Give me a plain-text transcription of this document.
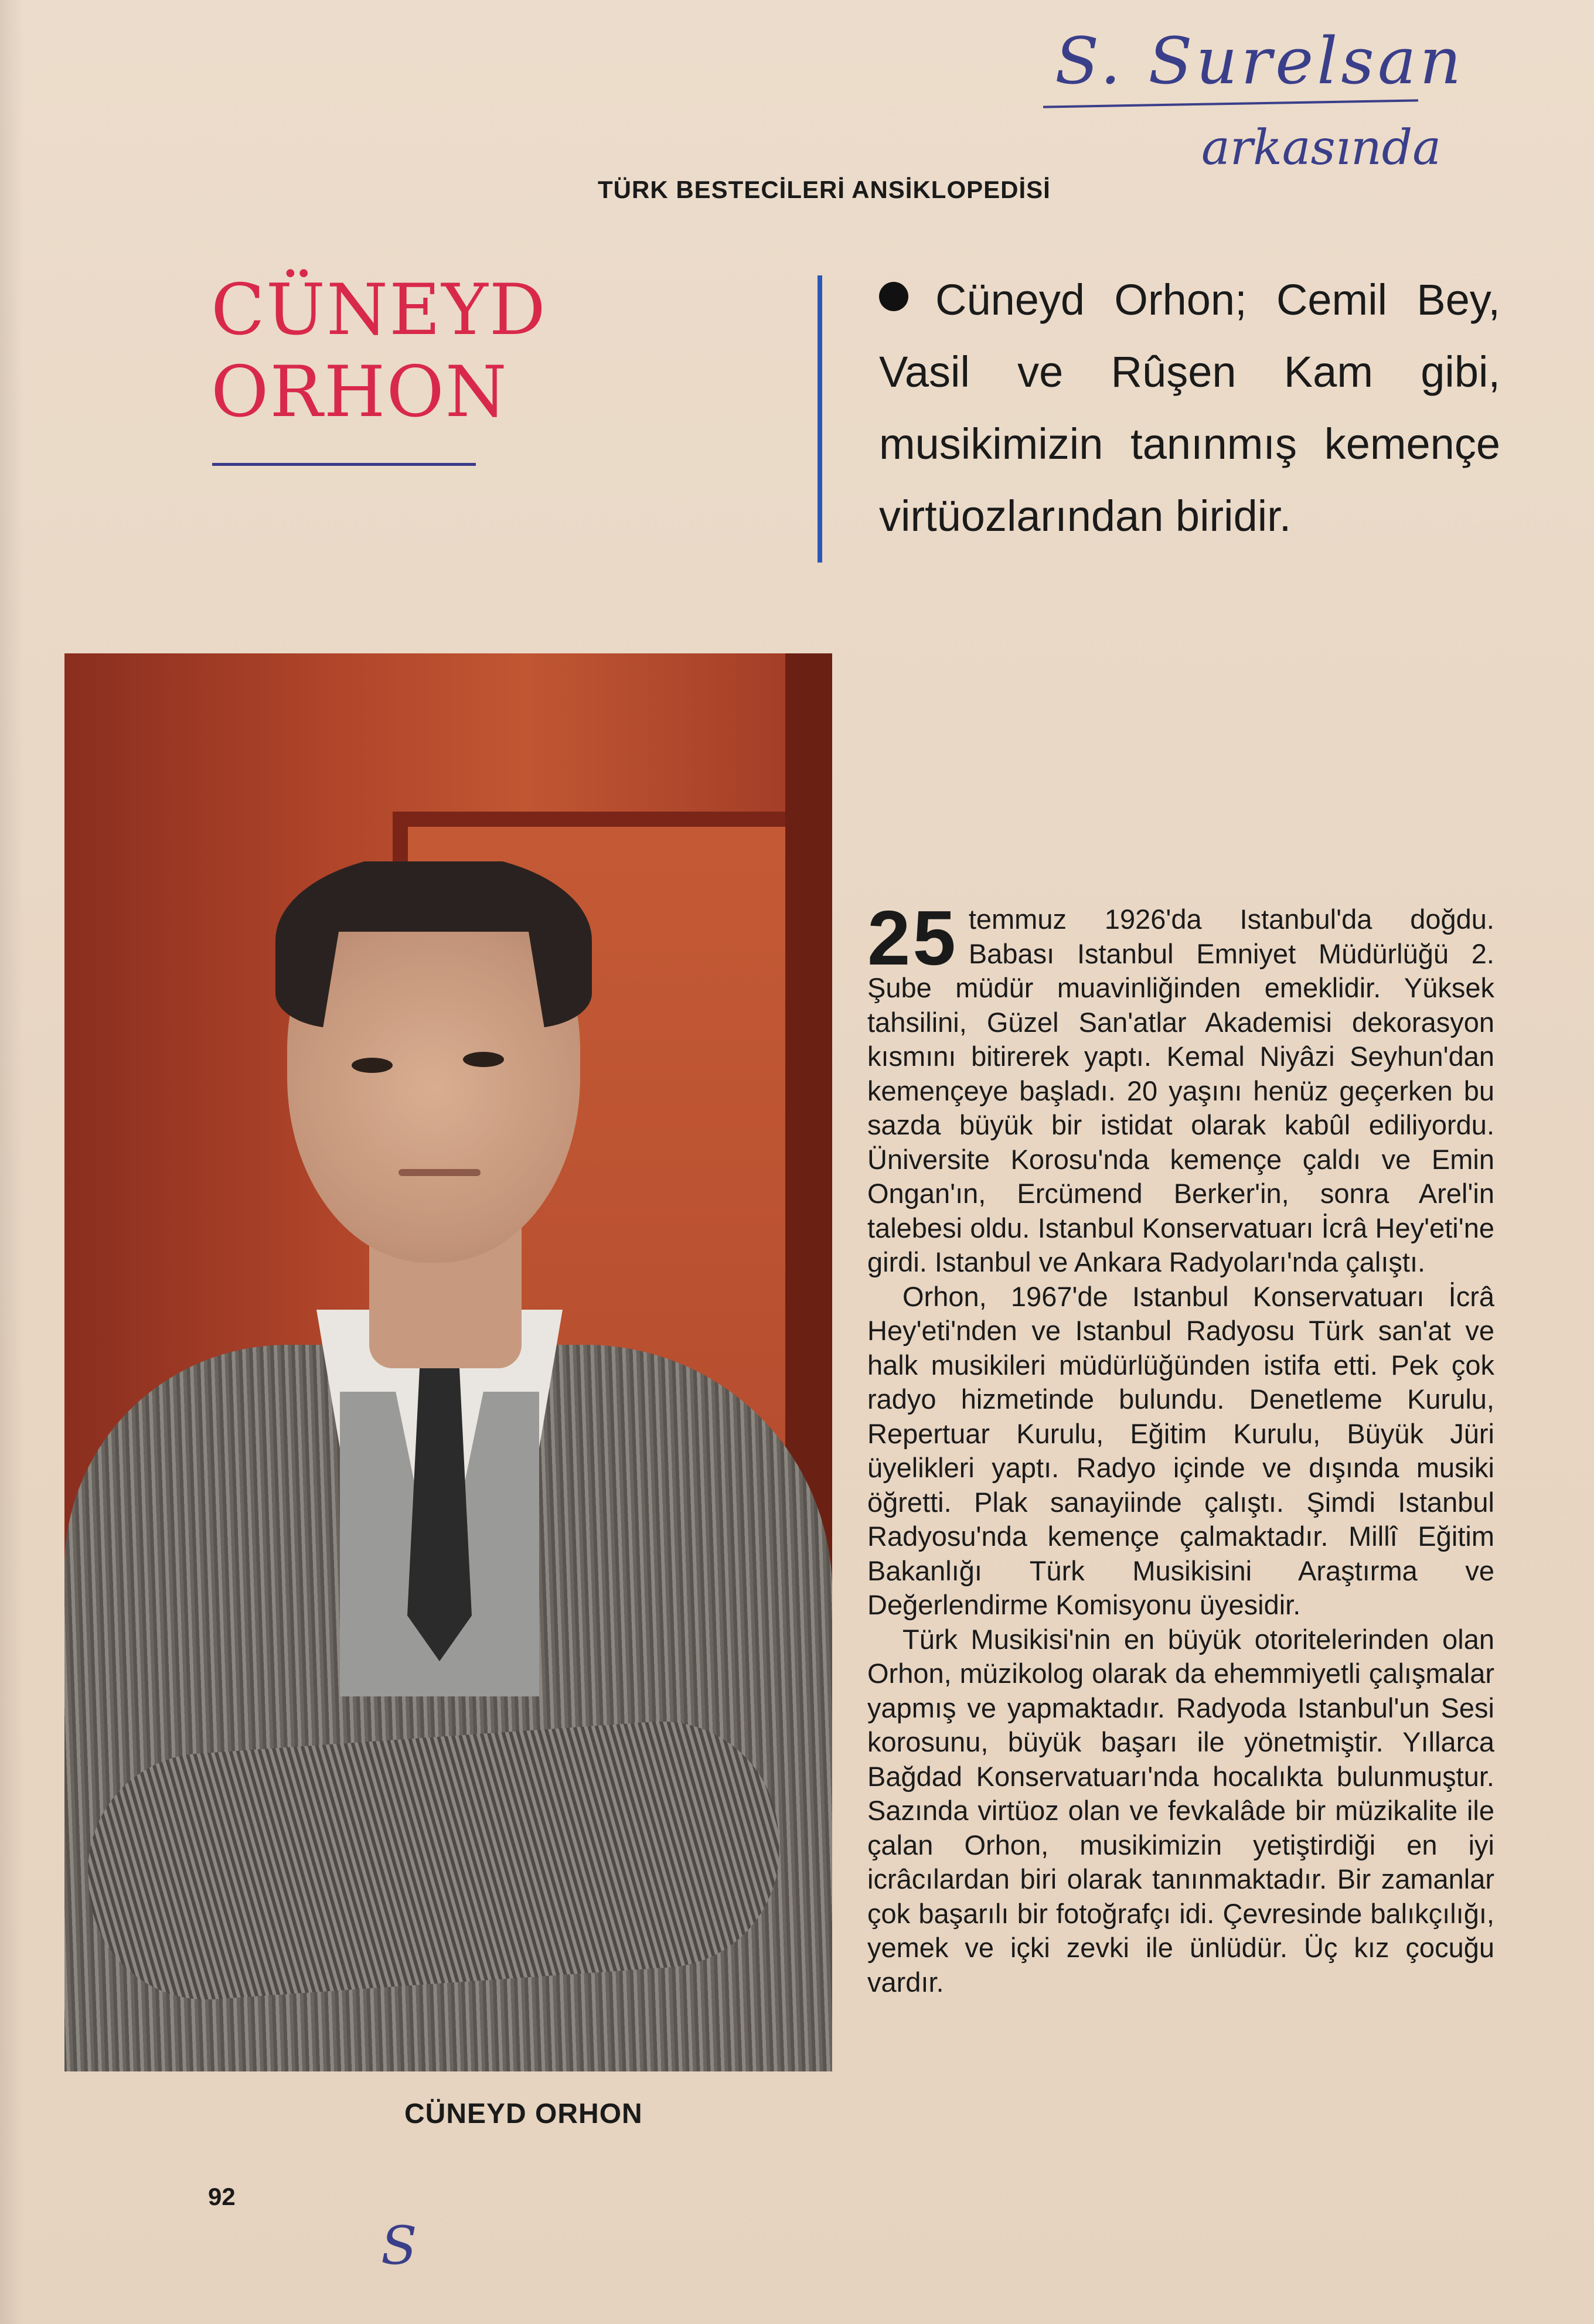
S. Surelsan
arkasında
TÜRK BESTECİLERİ ANSİKLOPEDİSİ
CÜNEYD
ORHON
Cüneyd Orhon; Cemil Bey, Vasil ve Rûşen Kam gibi, musikimizin tanınmış kemençe virtüozlarından biridir.
CÜNEYD ORHON
92

25 temmuz 1926'da Istanbul'da doğdu. Babası Istanbul Emniyet Müdürlüğü 2. Şube müdür muavinliğinden emeklidir. Yüksek tahsilini, Güzel San'atlar Akademisi dekorasyon kısmını bitirerek yaptı. Kemal Niyâzi Seyhun'dan kemençeye başladı. 20 yaşını henüz geçerken bu sazda büyük bir istidat olarak kabûl ediliyordu. Üniversite Korosu'nda kemençe çaldı ve Emin Ongan'ın, Ercümend Berker'in, sonra Arel'in talebesi oldu. Istanbul Konservatuarı İcrâ Hey'eti'ne girdi. Istanbul ve Ankara Radyoları'nda çalıştı.

Orhon, 1967'de Istanbul Konservatuarı İcrâ Hey'eti'nden ve Istanbul Radyosu Türk san'at ve halk musikileri müdürlüğünden istifa etti. Pek çok radyo hizmetinde bulundu. Denetleme Kurulu, Repertuar Kurulu, Eğitim Kurulu, Büyük Jüri üyelikleri yaptı. Radyo içinde ve dışında musiki öğretti. Plak sanayiinde çalıştı. Şimdi Istanbul Radyosu'nda kemençe çalmaktadır. Millî Eğitim Bakanlığı Türk Musikisini Araştırma ve Değerlendirme Komisyonu üyesidir.

Türk Musikisi'nin en büyük otoritelerinden olan Orhon, müzikolog olarak da ehemmiyetli çalışmalar yapmış ve yapmaktadır. Radyoda Istanbul'un Sesi korosunu, büyük başarı ile yönetmiştir. Yıllarca Bağdad Konservatuarı'nda hocalıkta bulunmuştur. Sazında virtüoz olan ve fevkalâde bir müzikalite ile çalan Orhon, musikimizin yetiştirdiği en iyi icrâcılardan biri olarak tanınmaktadır. Bir zamanlar çok başarılı bir fotoğrafçı idi. Çevresinde balıkçılığı, yemek ve içki zevki ile ünlüdür. Üç kız çocuğu vardır.

S
